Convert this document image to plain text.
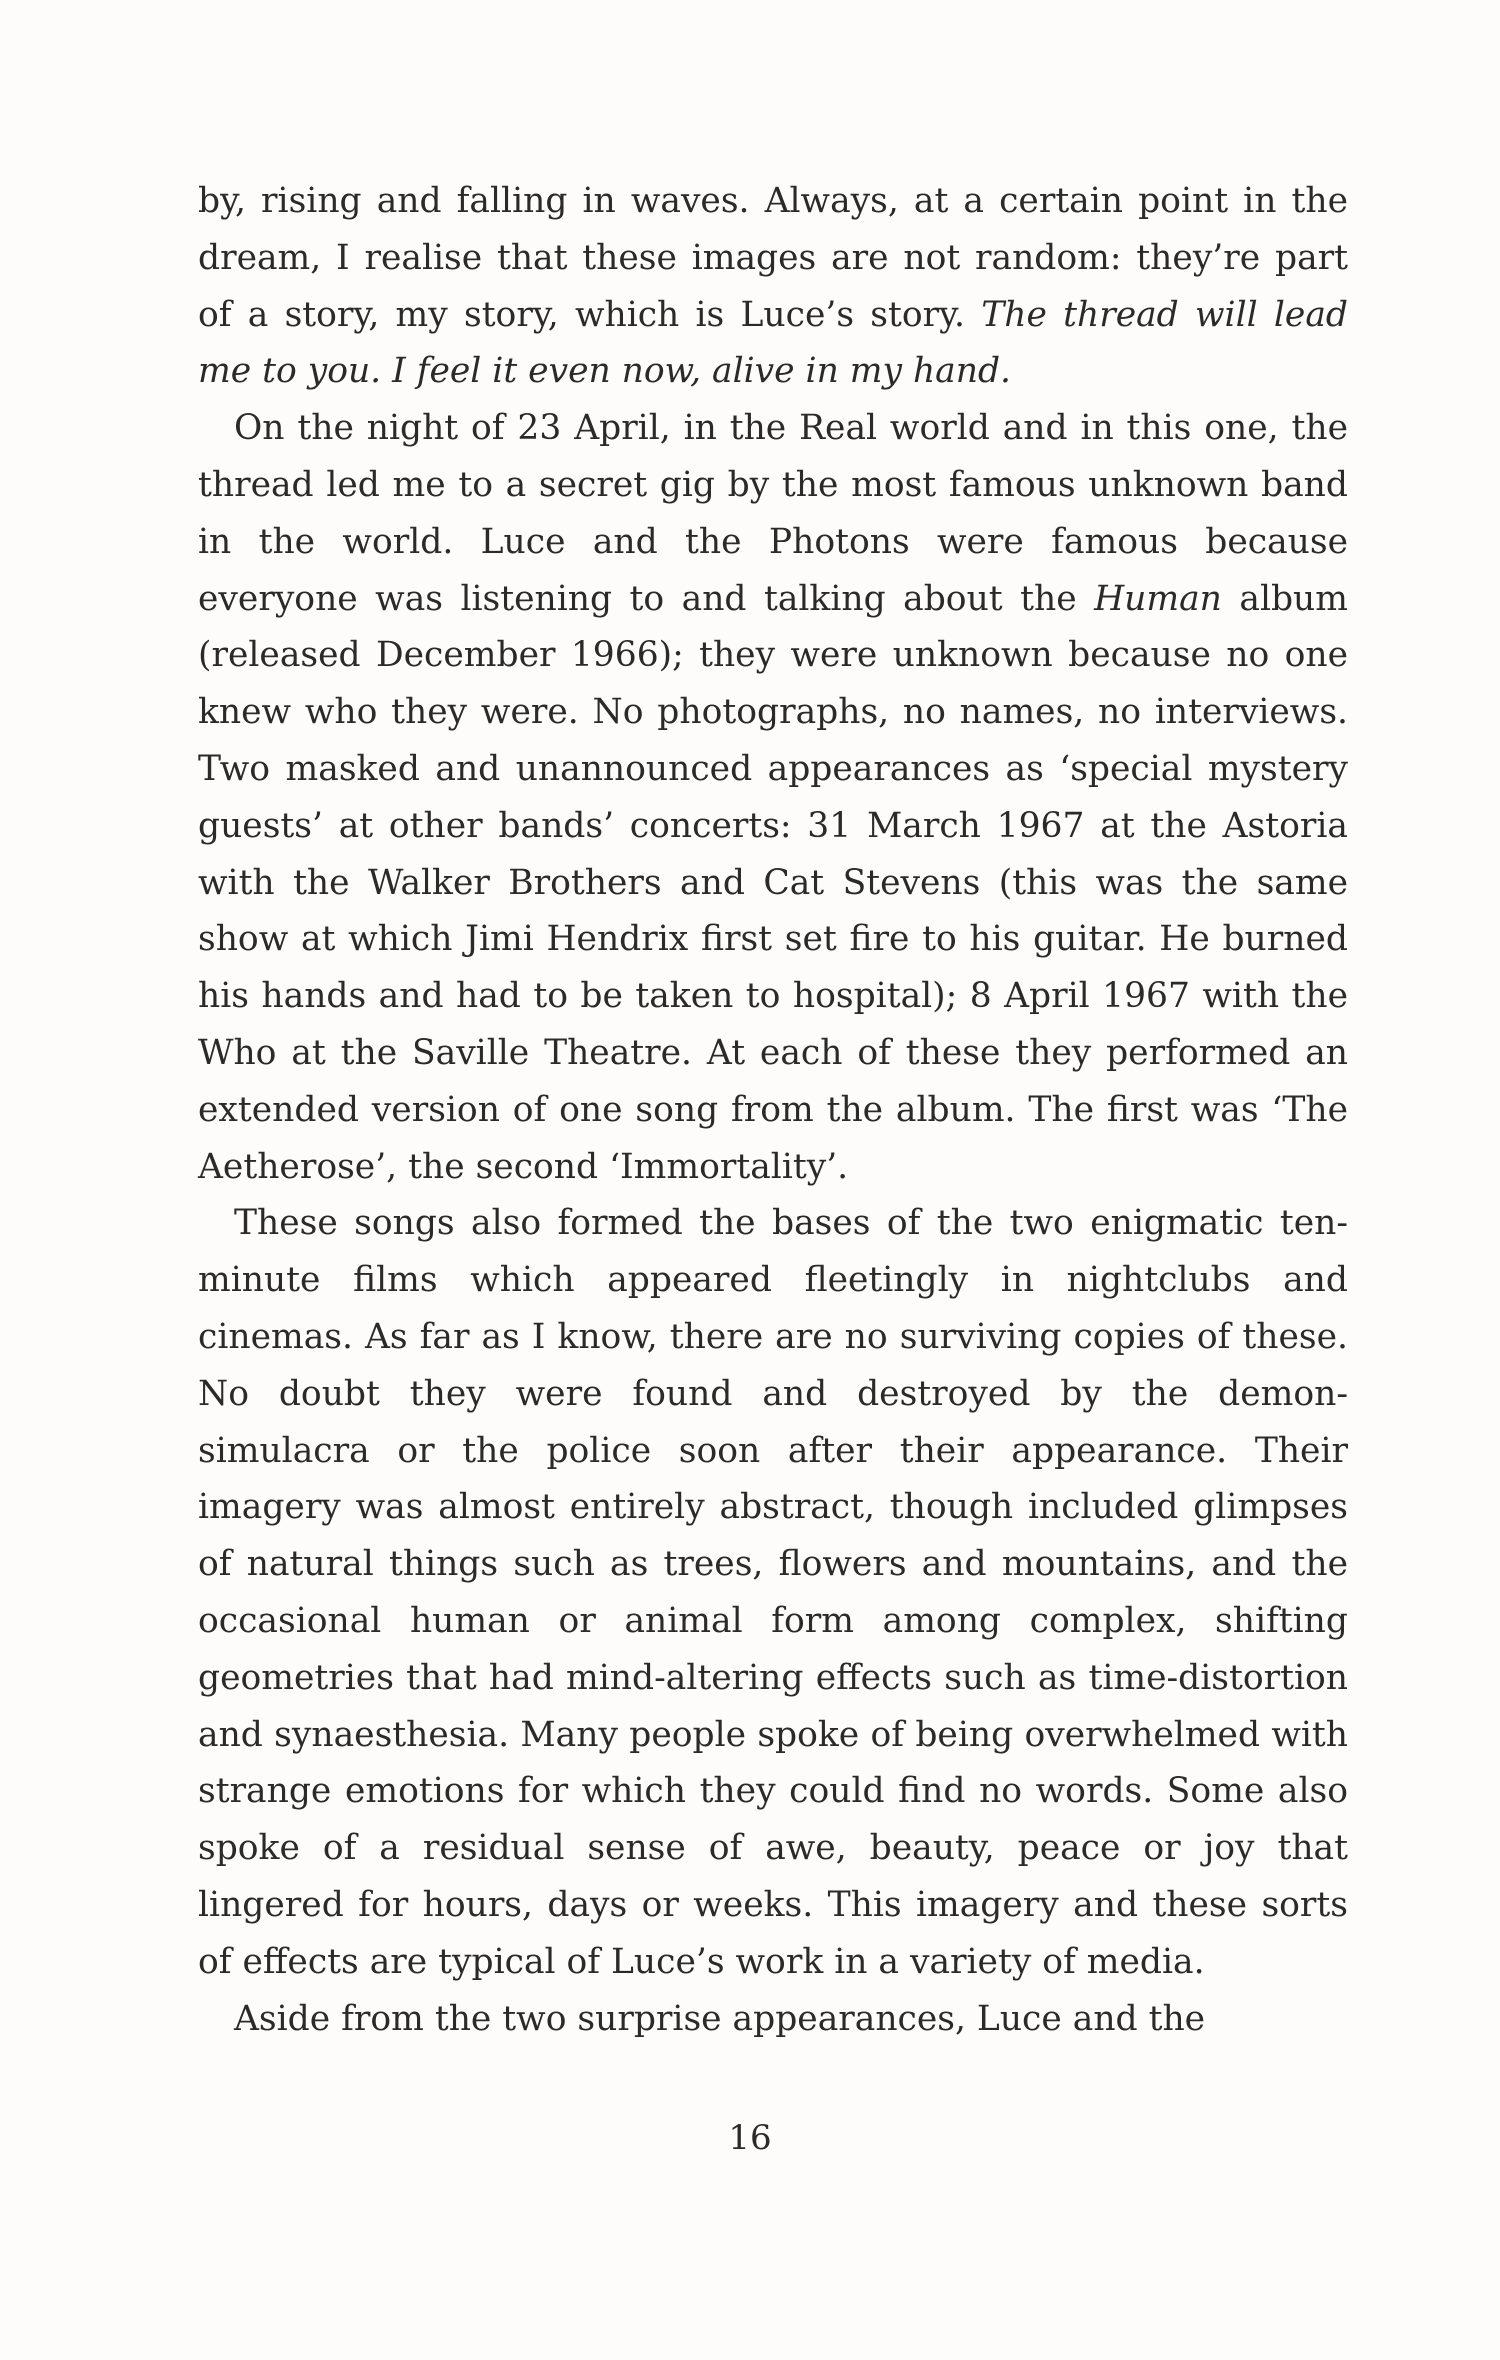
by, rising and falling in waves. Always, at a certain point in the dream, I realise that these images are not random: they’re part of a story, my story, which is Luce’s story. The thread will lead me to you. I feel it even now, alive in my hand.

On the night of 23 April, in the Real world and in this one, the thread led me to a secret gig by the most famous unknown band in the world. Luce and the Photons were famous because everyone was listening to and talking about the Human album (released December 1966); they were unknown because no one knew who they were. No photographs, no names, no interviews. Two masked and unannounced appearances as ‘special mystery guests’ at other bands’ concerts: 31 March 1967 at the Astoria with the Walker Brothers and Cat Stevens (this was the same show at which Jimi Hendrix first set fire to his guitar. He burned his hands and had to be taken to hospital); 8 April 1967 with the Who at the Saville Theatre. At each of these they performed an extended version of one song from the album. The first was ‘The Aetherose’, the second ‘Immortality’.

These songs also formed the bases of the two enigmatic ten-minute films which appeared fleetingly in nightclubs and cinemas. As far as I know, there are no surviving copies of these. No doubt they were found and destroyed by the demon-simulacra or the police soon after their appearance. Their imagery was almost entirely abstract, though included glimpses of natural things such as trees, flowers and mountains, and the occasional human or animal form among complex, shifting geometries that had mind-altering effects such as time-distortion and synaesthesia. Many people spoke of being overwhelmed with strange emotions for which they could find no words. Some also spoke of a residual sense of awe, beauty, peace or joy that lingered for hours, days or weeks. This imagery and these sorts of effects are typical of Luce’s work in a variety of media.

Aside from the two surprise appearances, Luce and the

16
